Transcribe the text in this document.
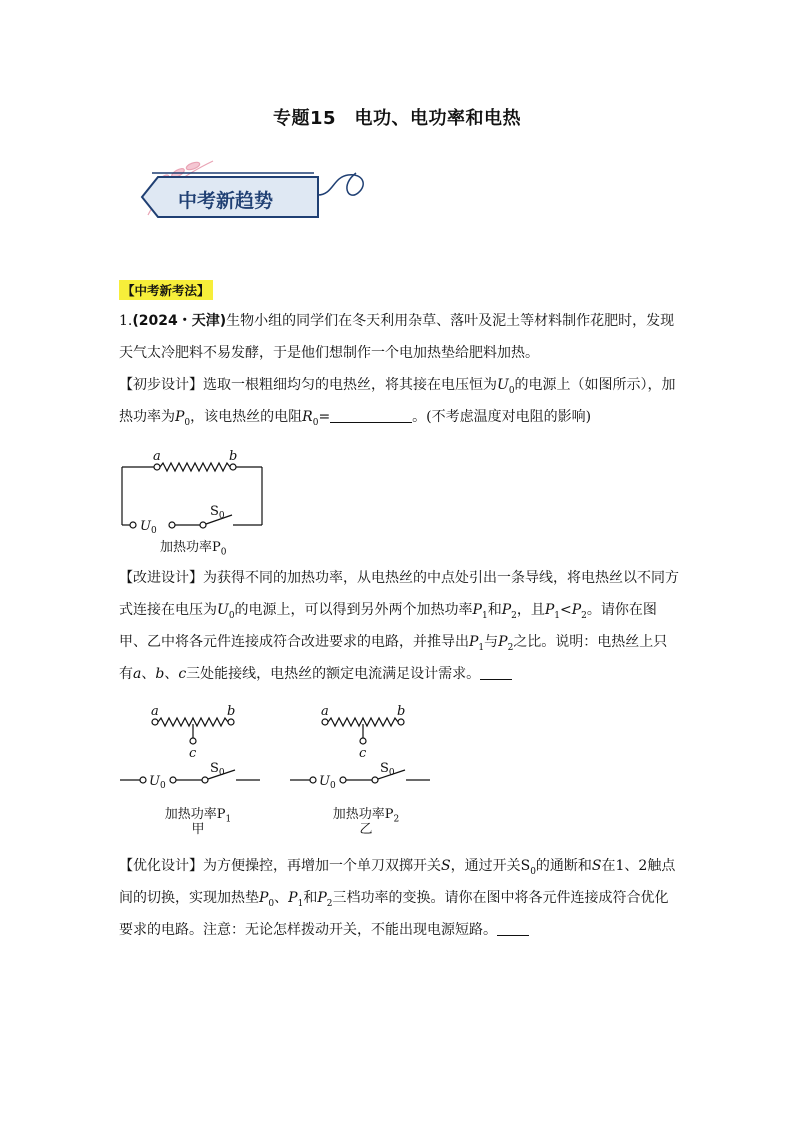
专题15　电功、电功率和电热
中考新趋势
【中考新考法】
1.(2024・天津)生物小组的同学们在冬天利用杂草、落叶及泥土等材料制作花肥时，发现天气太冷肥料不易发酵，于是他们想制作一个电加热垫给肥料加热。
【初步设计】选取一根粗细均匀的电热丝，将其接在电压恒为$U_0$的电源上（如图所示），加热功率为$P_0$，该电热丝的电阻$R_0=$	。(不考虑温度对电阻的影响)
a	b
$U_0$
$S_0$
加热功率$P_0$
【改进设计】为获得不同的加热功率，从电热丝的中点处引出一条导线，将电热丝以不同方式连接在电压为$U_0$的电源上，可以得到另外两个加热功率$P_1$和$P_2$，且$P_1<P_2$。请你在图甲、乙中将各元件连接成符合改进要求的电路，并推导出$P_1$与$P_2$之比。说明：电热丝上只有a、b、c三处能接线，电热丝的额定电流满足设计需求。
a	b
c
$U_0$
$S_0$
加热功率$P_1$
甲
a	b
c
$U_0$
$S_0$
加热功率$P_2$
乙
【优化设计】为方便操控，再增加一个单刀双掷开关S，通过开关$S_0$的通断和S在1、2触点间的切换，实现加热垫$P_0$、$P_1$和$P_2$三档功率的变换。请你在图中将各元件连接成符合优化要求的电路。注意：无论怎样拨动开关，不能出现电源短路。
